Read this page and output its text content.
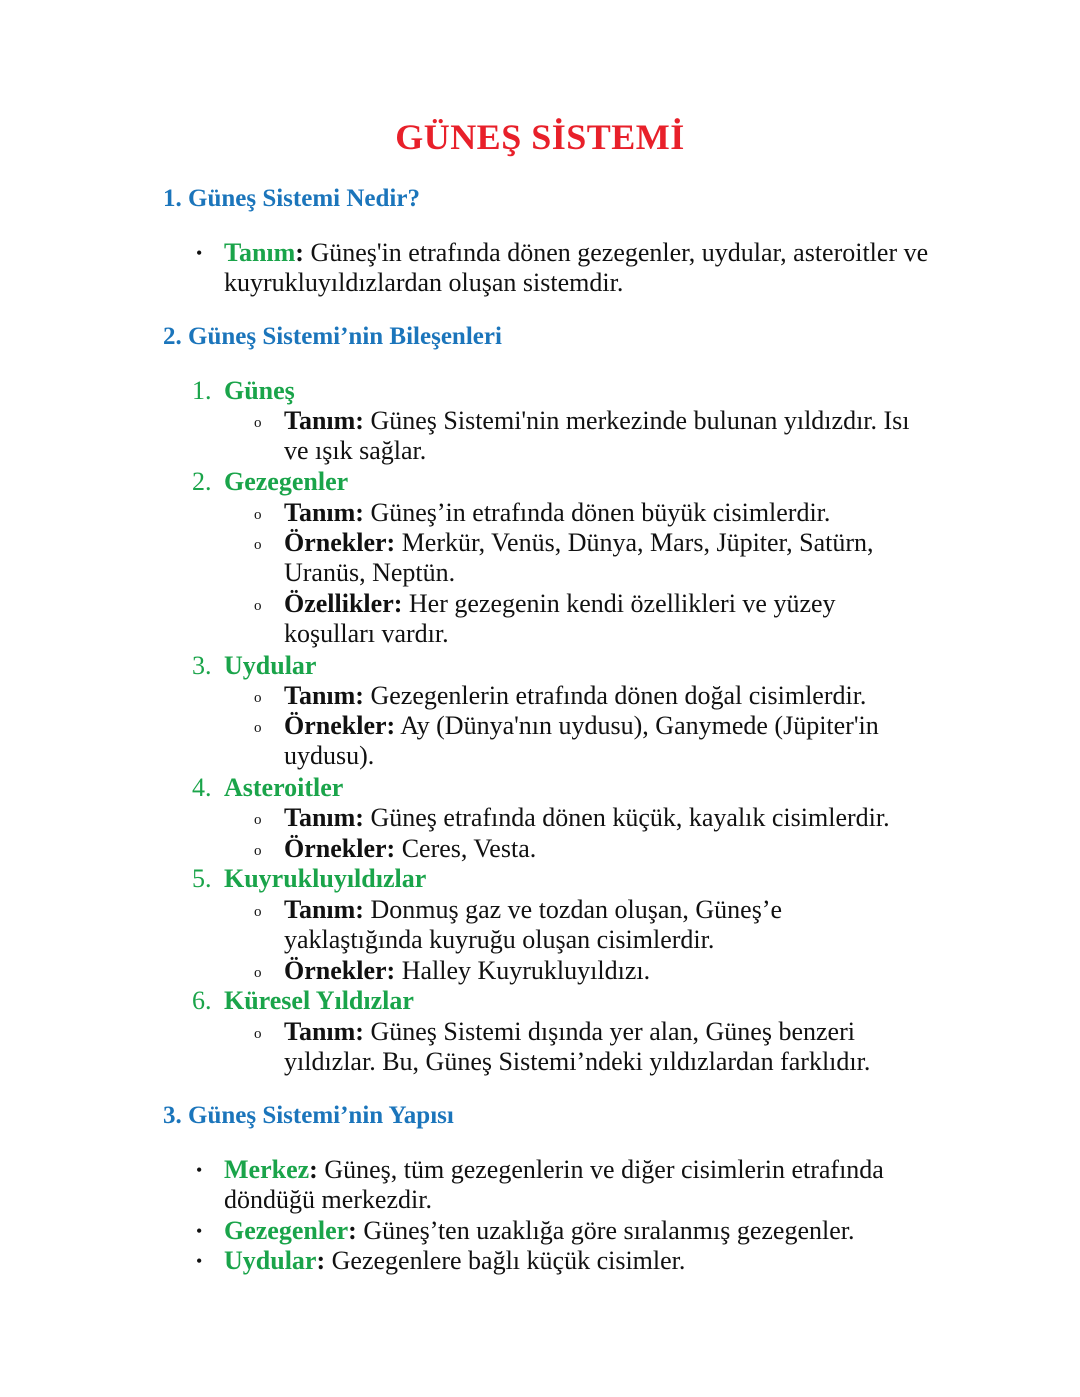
GÜNEŞ SİSTEMİ
1. Güneş Sistemi Nedir?
• Tanım: Güneş'in etrafında dönen gezegenler, uydular, asteroitler ve kuyrukluyıldızlardan oluşan sistemdir.
2. Güneş Sistemi’nin Bileşenleri
1. Güneş
o Tanım: Güneş Sistemi'nin merkezinde bulunan yıldızdır. Isı ve ışık sağlar.
2. Gezegenler
o Tanım: Güneş’in etrafında dönen büyük cisimlerdir.
o Örnekler: Merkür, Venüs, Dünya, Mars, Jüpiter, Satürn, Uranüs, Neptün.
o Özellikler: Her gezegenin kendi özellikleri ve yüzey koşulları vardır.
3. Uydular
o Tanım: Gezegenlerin etrafında dönen doğal cisimlerdir.
o Örnekler: Ay (Dünya'nın uydusu), Ganymede (Jüpiter'in uydusu).
4. Asteroitler
o Tanım: Güneş etrafında dönen küçük, kayalık cisimlerdir.
o Örnekler: Ceres, Vesta.
5. Kuyrukluyıldızlar
o Tanım: Donmuş gaz ve tozdan oluşan, Güneş’e yaklaştığında kuyruğu oluşan cisimlerdir.
o Örnekler: Halley Kuyrukluyıldızı.
6. Küresel Yıldızlar
o Tanım: Güneş Sistemi dışında yer alan, Güneş benzeri yıldızlar. Bu, Güneş Sistemi’ndeki yıldızlardan farklıdır.
3. Güneş Sistemi’nin Yapısı
• Merkez: Güneş, tüm gezegenlerin ve diğer cisimlerin etrafında döndüğü merkezdir.
• Gezegenler: Güneş’ten uzaklığa göre sıralanmış gezegenler.
• Uydular: Gezegenlere bağlı küçük cisimler.
